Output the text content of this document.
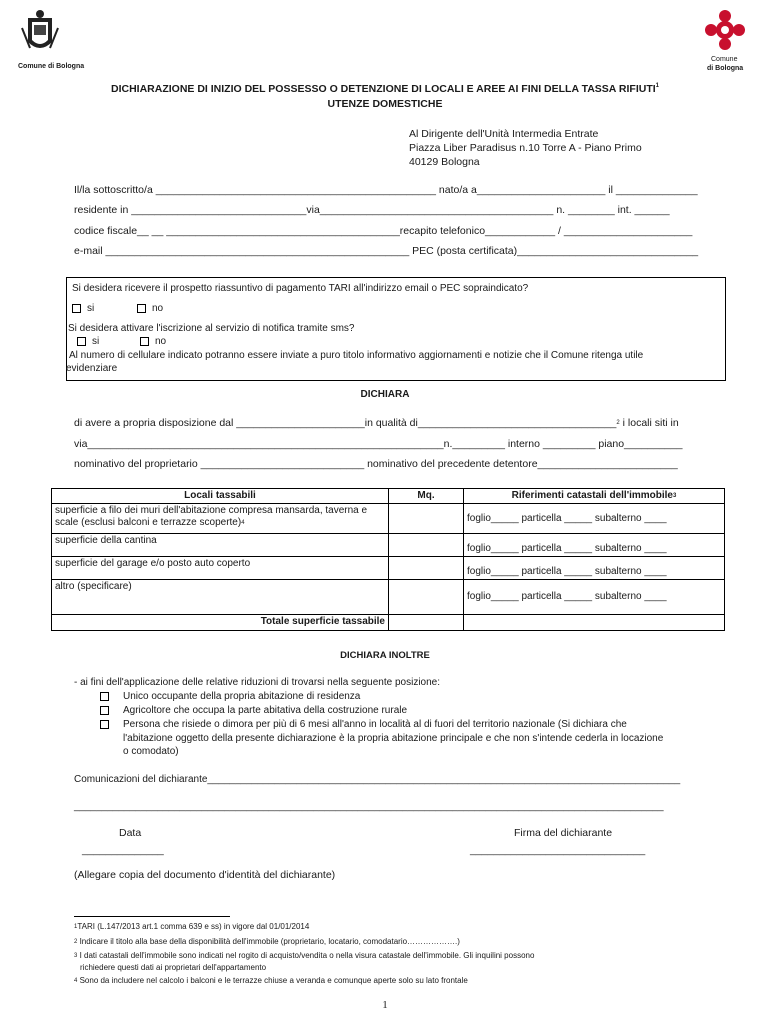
Comune di Bologna
Comune
di Bologna
DICHIARAZIONE DI INIZIO DEL POSSESSO O DETENZIONE DI LOCALI E AREE AI FINI DELLA TASSA RIFIUTI$^1$
UTENZE DOMESTICHE
Al Dirigente dell'Unità Intermedia Entrate
Piazza Liber Paradisus n.10 Torre A - Piano Primo
40129 Bologna
Il/la sottoscritto/a ________________________________________________ nato/a a______________________ il ______________
residente in ______________________________via________________________________________ n. ________ int. ______
codice fiscale__ __ ________________________________________recapito telefonico____________ / ______________________
e-mail ____________________________________________________ PEC (posta certificata)_______________________________
Si desidera ricevere il prospetto riassuntivo di pagamento TARI all'indirizzo email o PEC sopraindicato?
si	no
Si desidera attivare l'iscrizione al servizio di notifica tramite sms?
si	no
Al numero di cellulare indicato potranno essere inviate a puro titolo informativo aggiornamenti e notizie che il Comune ritenga utile
evidenziare
DICHIARA
di avere a propria disposizione dal ______________________in qualità di__________________________________$^2$ i locali siti in
via_____________________________________________________________n._________ interno _________ piano__________
nominativo del proprietario ____________________________ nominativo del precedente detentore________________________
Locali tassabili	Mq.	Riferimenti catastali dell'immobile$^3$
superficie a filo dei muri dell'abitazione compresa mansarda, taverna e scale (esclusi balconi e terrazze scoperte)$^4$		foglio_____ particella _____ subalterno ____
superficie della cantina		foglio_____ particella _____ subalterno ____
superficie del garage e/o posto auto coperto		foglio_____ particella _____ subalterno ____
altro (specificare)		foglio_____ particella _____ subalterno ____
Totale superficie tassabile		
DICHIARA INOLTRE
- ai fini dell'applicazione delle relative riduzioni di trovarsi nella seguente posizione:
Unico occupante della propria abitazione di residenza
Agricoltore che occupa la parte abitativa della costruzione rurale
Persona che risiede o dimora per più di 6 mesi all'anno in località al di fuori del territorio nazionale (Si dichiara che
l'abitazione oggetto della presente dichiarazione è la propria abitazione principale e che non s'intende cederla in locazione
o comodato)
Comunicazioni del dichiarante_____________________________________________________________________________________
__________________________________________________________________________________________________________
Data
______________
Firma del dichiarante
______________________________
(Allegare copia del documento d'identità del dichiarante)
$^1$TARI (L.147/2013 art.1 comma 639 e ss) in vigore dal 01/01/2014
$^2$ Indicare il titolo alla base della disponibilità dell'immobile (proprietario, locatario, comodatario……………….)
$^3$ I dati catastali dell'immobile sono indicati nel rogito di acquisto/vendita o nella visura catastale dell'immobile. Gli inquilini possono
richiedere questi dati ai proprietari dell'appartamento
$^4$ Sono da includere nel calcolo i balconi e le terrazze chiuse a veranda e comunque aperte solo su lato frontale
1
